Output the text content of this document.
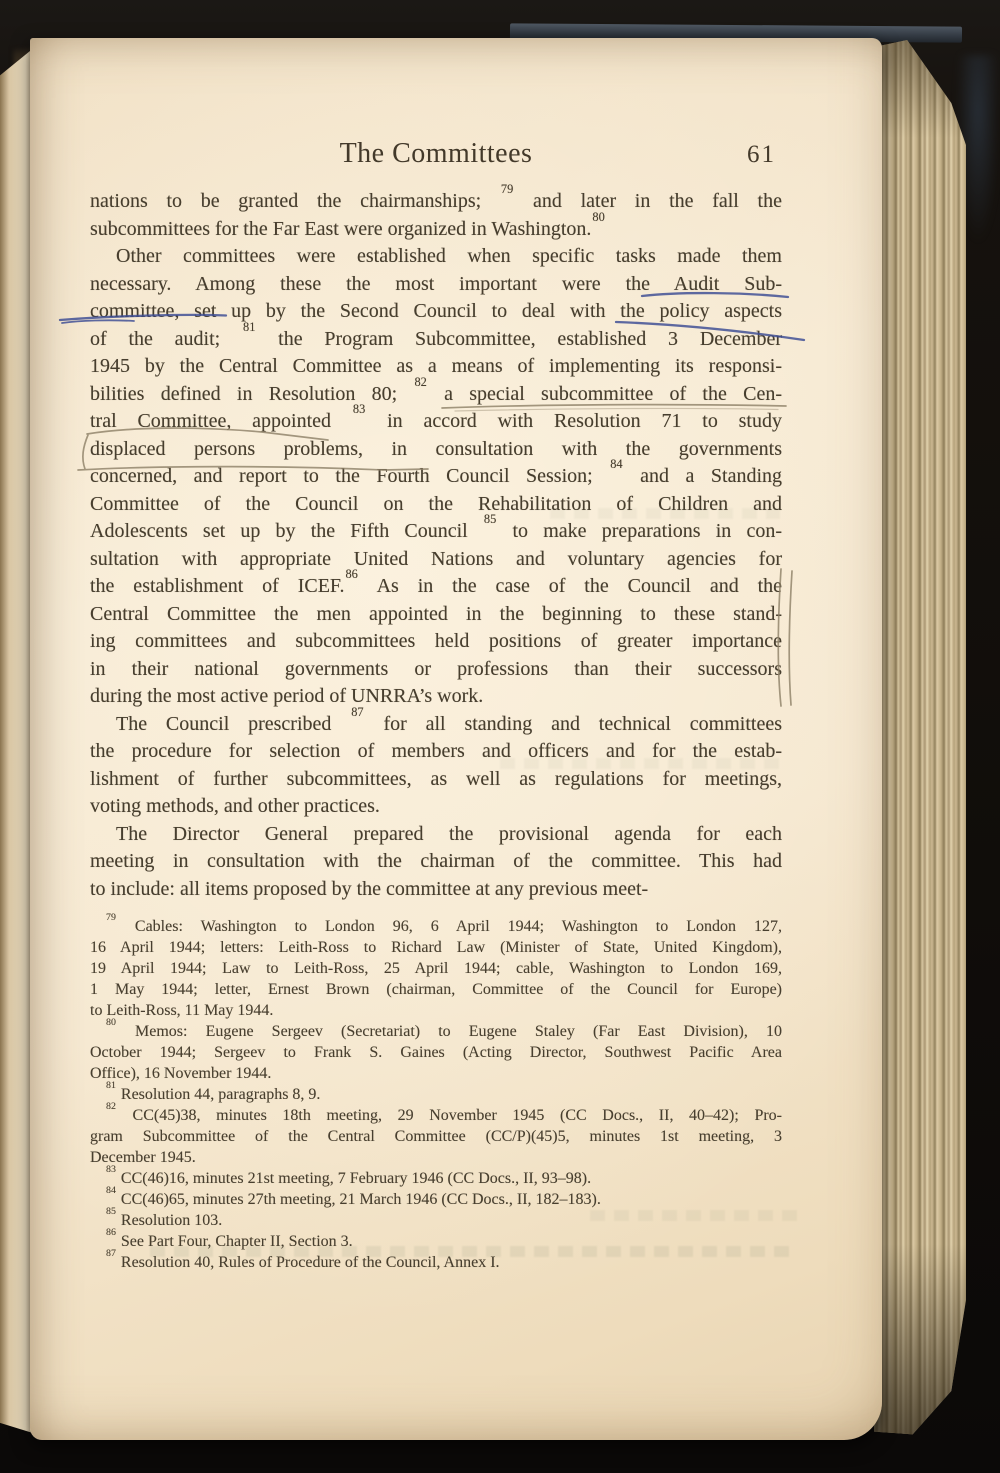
The Committees	61
nations to be granted the chairmanships; $^{79}$ and later in the fall the
subcommittees for the Far East were organized in Washington.$^{80}$
Other committees were established when specific tasks made them
necessary. Among these the most important were the Audit Sub-
committee, set up by the Second Council to deal with the policy aspects
of the audit; $^{81}$ the Program Subcommittee, established 3 December
1945 by the Central Committee as a means of implementing its responsi-
bilities defined in Resolution 80; $^{82}$ a special subcommittee of the Cen-
tral Committee, appointed $^{83}$ in accord with Resolution 71 to study
displaced persons problems, in consultation with the governments
concerned, and report to the Fourth Council Session; $^{84}$ and a Standing
Committee of the Council on the Rehabilitation of Children and
Adolescents set up by the Fifth Council $^{85}$ to make preparations in con-
sultation with appropriate United Nations and voluntary agencies for
the establishment of ICEF.$^{86}$ As in the case of the Council and the
Central Committee the men appointed in the beginning to these stand-
ing committees and subcommittees held positions of greater importance
in their national governments or professions than their successors
during the most active period of UNRRA’s work.
The Council prescribed $^{87}$ for all standing and technical committees
the procedure for selection of members and officers and for the estab-
lishment of further subcommittees, as well as regulations for meetings,
voting methods, and other practices.
The Director General prepared the provisional agenda for each
meeting in consultation with the chairman of the committee. This had
to include: all items proposed by the committee at any previous meet-
$^{79}$ Cables: Washington to London 96, 6 April 1944; Washington to London 127,
16 April 1944; letters: Leith-Ross to Richard Law (Minister of State, United Kingdom),
19 April 1944; Law to Leith-Ross, 25 April 1944; cable, Washington to London 169,
1 May 1944; letter, Ernest Brown (chairman, Committee of the Council for Europe)
to Leith-Ross, 11 May 1944.
$^{80}$ Memos: Eugene Sergeev (Secretariat) to Eugene Staley (Far East Division), 10
October 1944; Sergeev to Frank S. Gaines (Acting Director, Southwest Pacific Area
Office), 16 November 1944.
$^{81}$ Resolution 44, paragraphs 8, 9.
$^{82}$ CC(45)38, minutes 18th meeting, 29 November 1945 (CC Docs., II, 40–42); Pro-
gram Subcommittee of the Central Committee (CC/P)(45)5, minutes 1st meeting, 3
December 1945.
$^{83}$ CC(46)16, minutes 21st meeting, 7 February 1946 (CC Docs., II, 93–98).
$^{84}$ CC(46)65, minutes 27th meeting, 21 March 1946 (CC Docs., II, 182–183).
$^{85}$ Resolution 103.
$^{86}$ See Part Four, Chapter II, Section 3.
$^{87}$ Resolution 40, Rules of Procedure of the Council, Annex I.
